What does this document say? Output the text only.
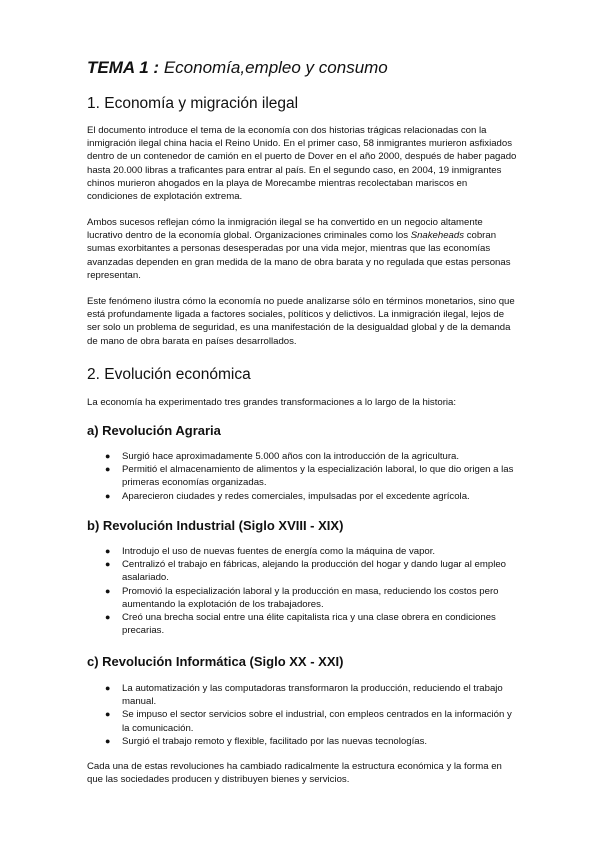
TEMA 1 : Economía,empleo y consumo
1. Economía y migración ilegal

El documento introduce el tema de la economía con dos historias trágicas relacionadas con la inmigración ilegal china hacia el Reino Unido. En el primer caso, 58 inmigrantes murieron asfixiados dentro de un contenedor de camión en el puerto de Dover en el año 2000, después de haber pagado hasta 20.000 libras a traficantes para entrar al país. En el segundo caso, en 2004, 19 inmigrantes chinos murieron ahogados en la playa de Morecambe mientras recolectaban mariscos en condiciones de explotación extrema.

Ambos sucesos reflejan cómo la inmigración ilegal se ha convertido en un negocio altamente lucrativo dentro de la economía global. Organizaciones criminales como los Snakeheads cobran sumas exorbitantes a personas desesperadas por una vida mejor, mientras que las economías avanzadas dependen en gran medida de la mano de obra barata y no regulada que estas personas representan.

Este fenómeno ilustra cómo la economía no puede analizarse sólo en términos monetarios, sino que está profundamente ligada a factores sociales, políticos y delictivos. La inmigración ilegal, lejos de ser solo un problema de seguridad, es una manifestación de la desigualdad global y de la demanda de mano de obra barata en países desarrollados.

2. Evolución económica

La economía ha experimentado tres grandes transformaciones a lo largo de la historia:

a) Revolución Agraria
● Surgió hace aproximadamente 5.000 años con la introducción de la agricultura.
● Permitió el almacenamiento de alimentos y la especialización laboral, lo que dio origen a las primeras economías organizadas.
● Aparecieron ciudades y redes comerciales, impulsadas por el excedente agrícola.
b) Revolución Industrial (Siglo XVIII - XIX)
● Introdujo el uso de nuevas fuentes de energía como la máquina de vapor.
● Centralizó el trabajo en fábricas, alejando la producción del hogar y dando lugar al empleo asalariado.
● Promovió la especialización laboral y la producción en masa, reduciendo los costos pero aumentando la explotación de los trabajadores.
● Creó una brecha social entre una élite capitalista rica y una clase obrera en condiciones precarias.
c) Revolución Informática (Siglo XX - XXI)
● La automatización y las computadoras transformaron la producción, reduciendo el trabajo manual.
● Se impuso el sector servicios sobre el industrial, con empleos centrados en la información y la comunicación.
● Surgió el trabajo remoto y flexible, facilitado por las nuevas tecnologías.

Cada una de estas revoluciones ha cambiado radicalmente la estructura económica y la forma en que las sociedades producen y distribuyen bienes y servicios.
